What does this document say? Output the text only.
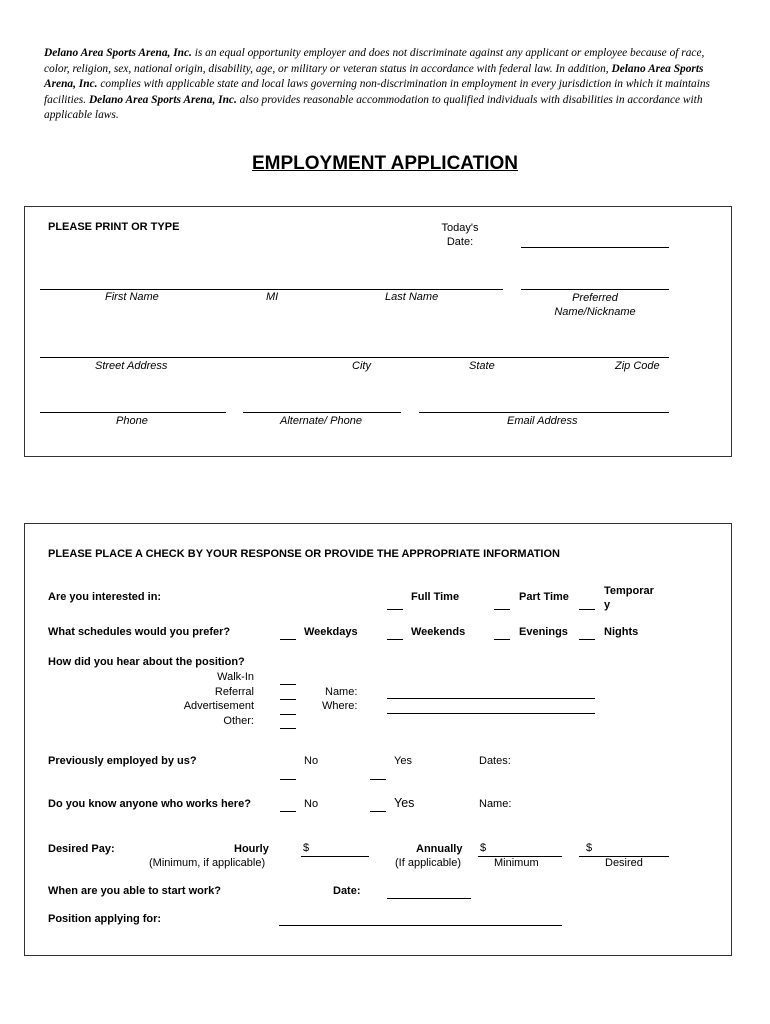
Delano Area Sports Arena, Inc. is an equal opportunity employer and does not discriminate against any applicant or employee because of race, color, religion, sex, national origin, disability, age, or military or veteran status in accordance with federal law. In addition, Delano Area Sports Arena, Inc. complies with applicable state and local laws governing non-discrimination in employment in every jurisdiction in which it maintains facilities. Delano Area Sports Arena, Inc. also provides reasonable accommodation to qualified individuals with disabilities in accordance with applicable laws.
EMPLOYMENT APPLICATION
PLEASE PRINT OR TYPE	Today's
Date:
First Name	MI	Last Name	Preferred
Name/Nickname
Street Address	City	State	Zip Code
Phone	Alternate/ Phone	Email Address
PLEASE PLACE A CHECK BY YOUR RESPONSE OR PROVIDE THE APPROPRIATE INFORMATION
Are you interested in:	Full Time	Part Time	Temporar
y
What schedules would you prefer?	Weekdays	Weekends	Evenings	Nights
How did you hear about the position?
Walk-In
Referral
Advertisement
Other:
Name:
Where:
Previously employed by us?	No	Yes	Dates:
Do you know anyone who works here?	No	Yes	Name:
Desired Pay:	Hourly
(Minimum, if applicable)
$	Annually
(If applicable)
$
Minimum
$
Desired
When are you able to start work?	Date:
Position applying for:
